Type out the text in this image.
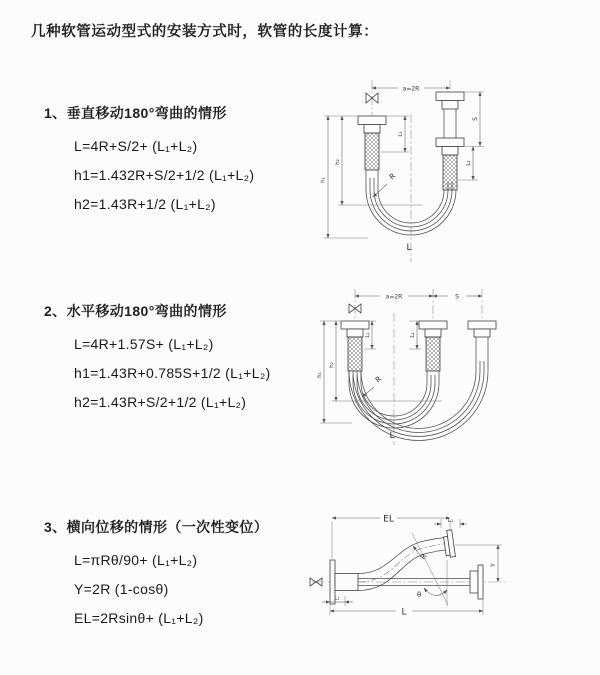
几种软管运动型式的安装方式时，软管的长度计算：
1、垂直移动180°弯曲的情形
L=4R+S/2+ (L₁+L₂)
h1=1.432R+S/2+1/2 (L₁+L₂)
h2=1.43R+1/2 (L₁+L₂)
2、水平移动180°弯曲的情形
L=4R+1.57S+ (L₁+L₂)
h1=1.43R+0.785S+1/2 (L₁+L₂)
h2=1.43R+S/2+1/2 (L₁+L₂)
3、横向位移的情形（一次性变位）
L=πRθ/90+ (L₁+L₂)
Y=2R (1-cosθ)
EL=2Rsinθ+ (L₁+L₂)
a=2R
h₁
h₂
L₁
S
L₂
R
L
a=2R	S
h₁
h₂
L₁	L₂
R
L
θ
R
EL	L₂
Y
L
L₁
